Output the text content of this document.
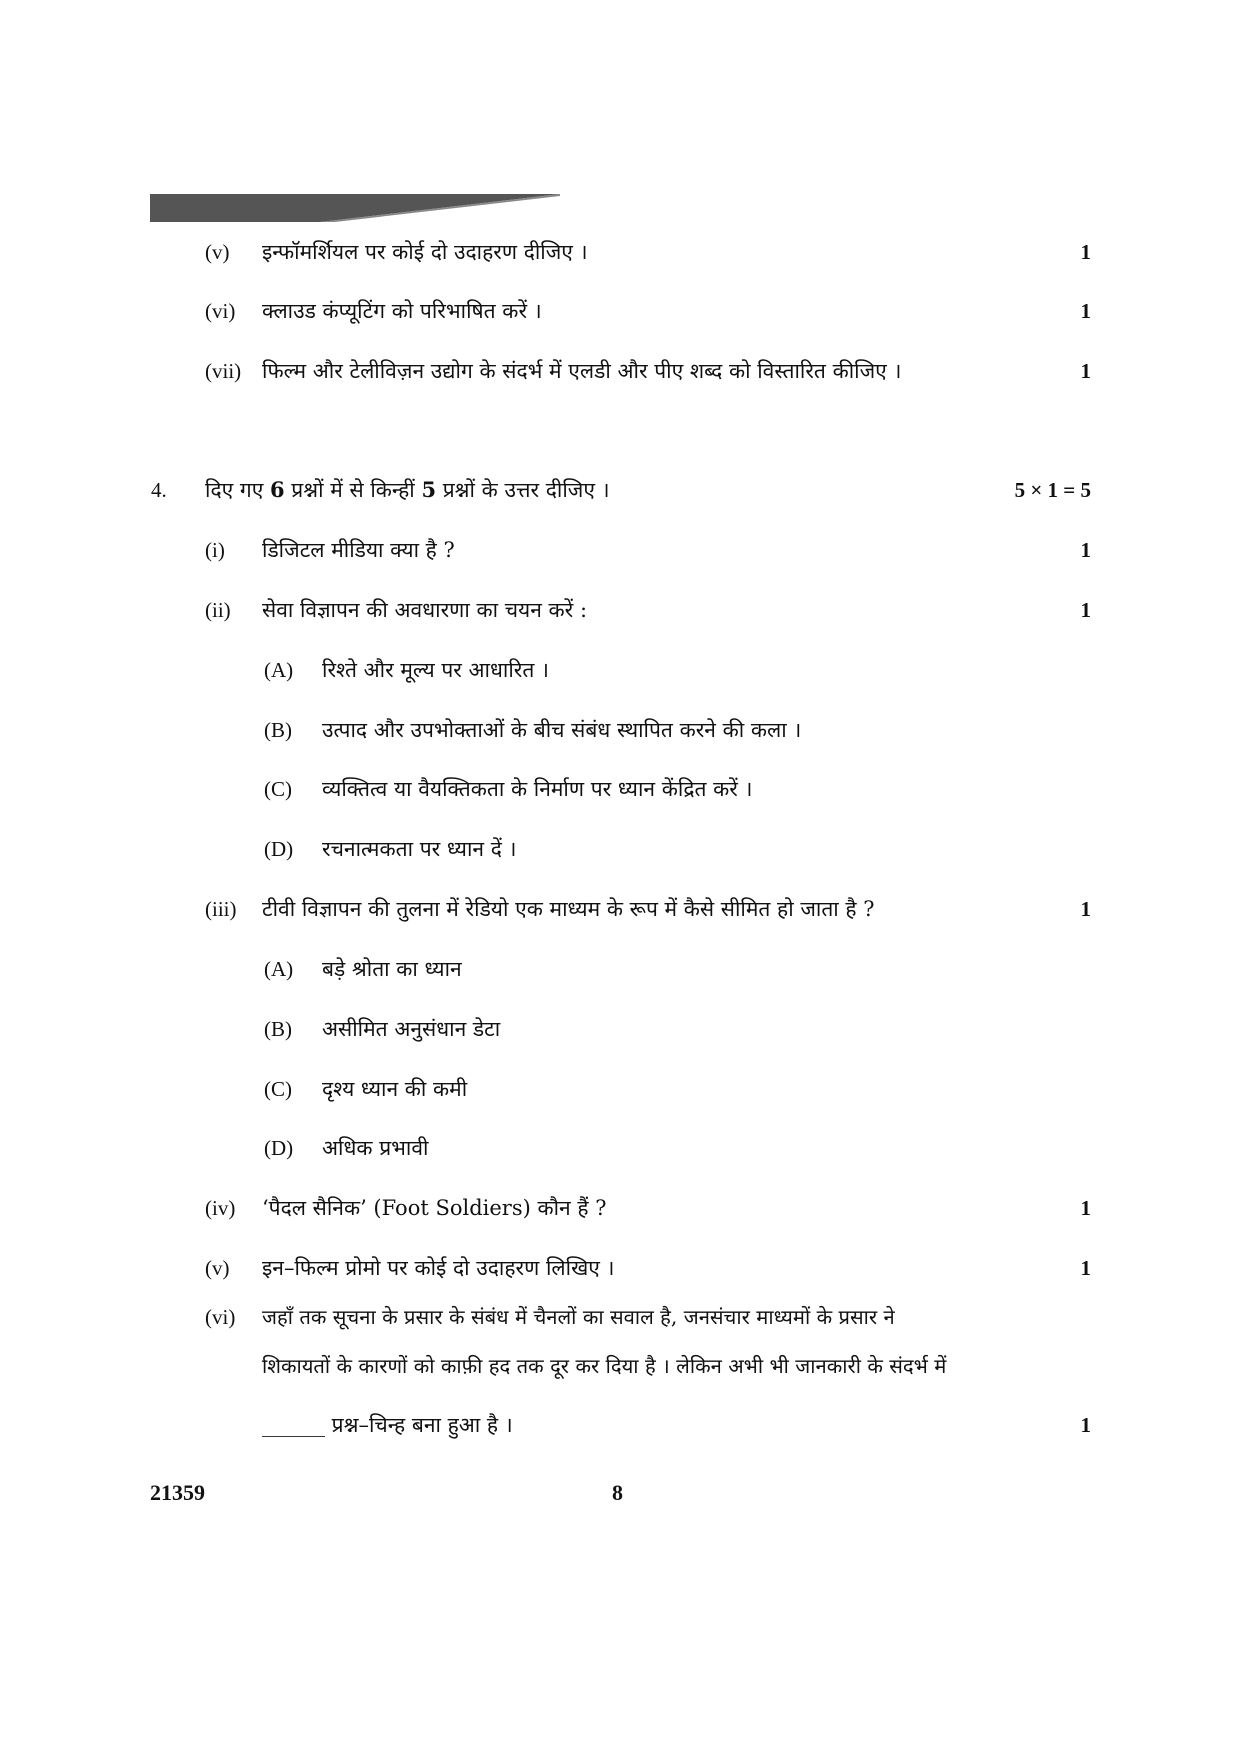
(v) इन्फॉमर्शियल पर कोई दो उदाहरण दीजिए ।	1
(vi) क्लाउड कंप्यूटिंग को परिभाषित करें ।	1
(vii) फिल्म और टेलीविज़न उद्योग के संदर्भ में एलडी और पीए शब्द को विस्तारित कीजिए ।	1
4. दिए गए 6 प्रश्नों में से किन्हीं 5 प्रश्नों के उत्तर दीजिए ।	5 × 1 = 5
(i) डिजिटल मीडिया क्या है ?	1
(ii) सेवा विज्ञापन की अवधारणा का चयन करें :	1
(A) रिश्ते और मूल्य पर आधारित ।
(B) उत्पाद और उपभोक्ताओं के बीच संबंध स्थापित करने की कला ।
(C) व्यक्तित्व या वैयक्तिकता के निर्माण पर ध्यान केंद्रित करें ।
(D) रचनात्मकता पर ध्यान दें ।
(iii) टीवी विज्ञापन की तुलना में रेडियो एक माध्यम के रूप में कैसे सीमित हो जाता है ?	1
(A) बड़े श्रोता का ध्यान
(B) असीमित अनुसंधान डेटा
(C) दृश्य ध्यान की कमी
(D) अधिक प्रभावी
(iv) ‘पैदल सैनिक’ (Foot Soldiers) कौन हैं ?	1
(v) इन–फिल्म प्रोमो पर कोई दो उदाहरण लिखिए ।	1
(vi) जहाँ तक सूचना के प्रसार के संबंध में चैनलों का सवाल है, जनसंचार माध्यमों के प्रसार ने
शिकायतों के कारणों को काफ़ी हद तक दूर कर दिया है । लेकिन अभी भी जानकारी के संदर्भ में
______ प्रश्न–चिन्ह बना हुआ है ।	1
21359	8
